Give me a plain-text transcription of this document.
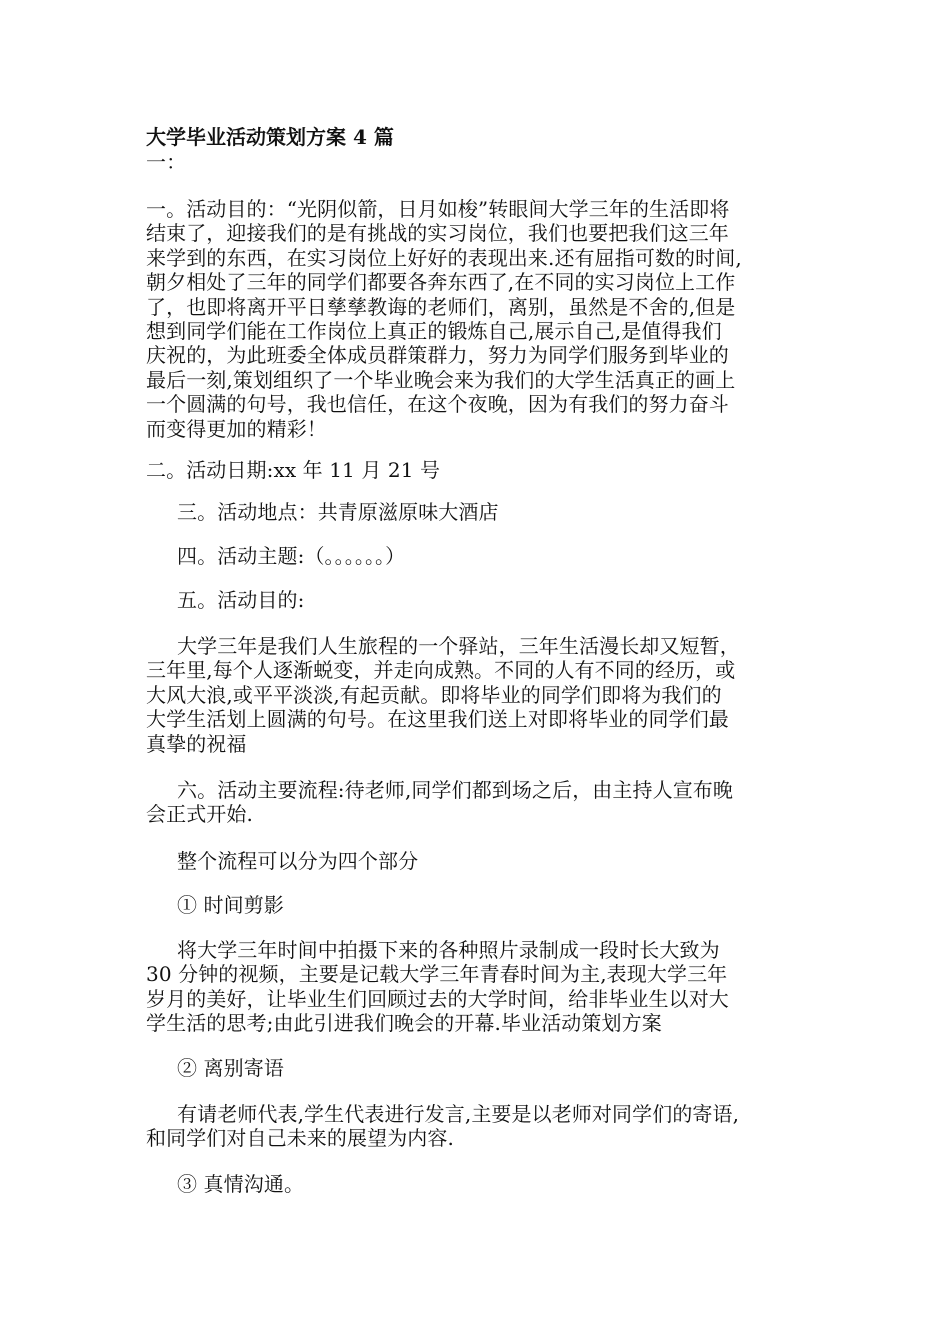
大学毕业活动策划方案 4 篇

一：

一。活动目的：“光阴似箭，日月如梭”转眼间大学三年的生活即将
结束了，迎接我们的是有挑战的实习岗位，我们也要把我们这三年
来学到的东西，在实习岗位上好好的表现出来.还有屈指可数的时间,
朝夕相处了三年的同学们都要各奔东西了,在不同的实习岗位上工作
了，也即将离开平日孳孳教诲的老师们，离别，虽然是不舍的,但是
想到同学们能在工作岗位上真正的锻炼自己,展示自己,是值得我们
庆祝的，为此班委全体成员群策群力，努力为同学们服务到毕业的
最后一刻,策划组织了一个毕业晚会来为我们的大学生活真正的画上
一个圆满的句号，我也信任，在这个夜晚，因为有我们的努力奋斗
而变得更加的精彩！

二。活动日期:xx 年 11 月 21 号

三。活动地点：共青原滋原味大酒店

四。活动主题:（。。。。。。）

五。活动目的:

大学三年是我们人生旅程的一个驿站，三年生活漫长却又短暂，
三年里,每个人逐渐蜕变，并走向成熟。不同的人有不同的经历，或
大风大浪,或平平淡淡,有起贡献。即将毕业的同学们即将为我们的
大学生活划上圆满的句号。在这里我们送上对即将毕业的同学们最
真挚的祝福

六。活动主要流程:待老师,同学们都到场之后，由主持人宣布晚
会正式开始.

整个流程可以分为四个部分

① 时间剪影

将大学三年时间中拍摄下来的各种照片录制成一段时长大致为
30 分钟的视频，主要是记载大学三年青春时间为主,表现大学三年
岁月的美好，让毕业生们回顾过去的大学时间，给非毕业生以对大
学生活的思考;由此引进我们晚会的开幕.毕业活动策划方案

② 离别寄语

有请老师代表,学生代表进行发言,主要是以老师对同学们的寄语,
和同学们对自己未来的展望为内容.

③ 真情沟通。
